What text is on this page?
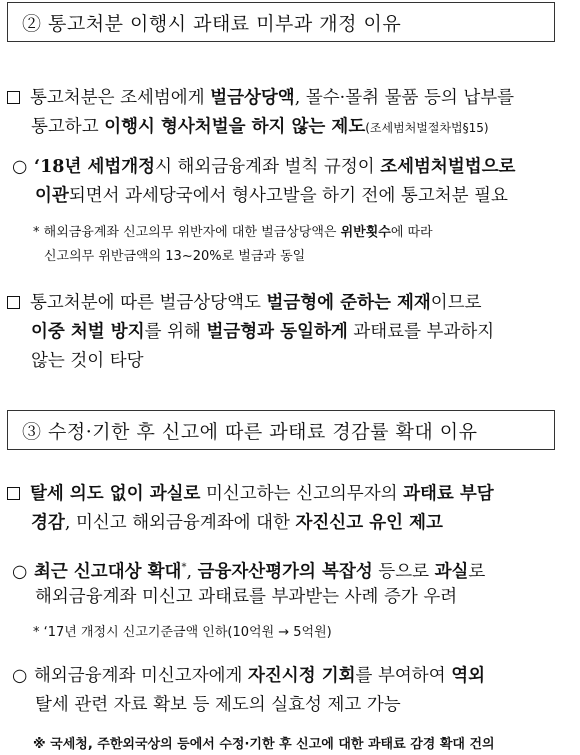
② 통고처분 이행시 과태료 미부과 개정 이유
통고처분은 조세범에게 벌금상당액, 몰수·몰취 물품 등의 납부를
통고하고 이행시 형사처벌을 하지 않는 제도(조세범처벌절차법§15)
○ ‘18년 세법개정시 해외금융계좌 벌칙 규정이 조세범처벌법으로
이관되면서 과세당국에서 형사고발을 하기 전에 통고처분 필요
* 해외금융계좌 신고의무 위반자에 대한 벌금상당액은 위반횟수에 따라
신고의무 위반금액의 13~20%로 벌금과 동일
통고처분에 따른 벌금상당액도 벌금형에 준하는 제재이므로
이중 처벌 방지를 위해 벌금형과 동일하게 과태료를 부과하지
않는 것이 타당
③ 수정·기한 후 신고에 따른 과태료 경감률 확대 이유
탈세 의도 없이 과실로 미신고하는 신고의무자의 과태료 부담
경감, 미신고 해외금융계좌에 대한 자진신고 유인 제고
○ 최근 신고대상 확대*, 금융자산평가의 복잡성 등으로 과실로
해외금융계좌 미신고 과태료를 부과받는 사례 증가 우려
* ‘17년 개정시 신고기준금액 인하(10억원 → 5억원)
○ 해외금융계좌 미신고자에게 자진시정 기회를 부여하여 역외
탈세 관련 자료 확보 등 제도의 실효성 제고 가능
※ 국세청, 주한외국상의 등에서 수정·기한 후 신고에 대한 과태료 감경 확대 건의
